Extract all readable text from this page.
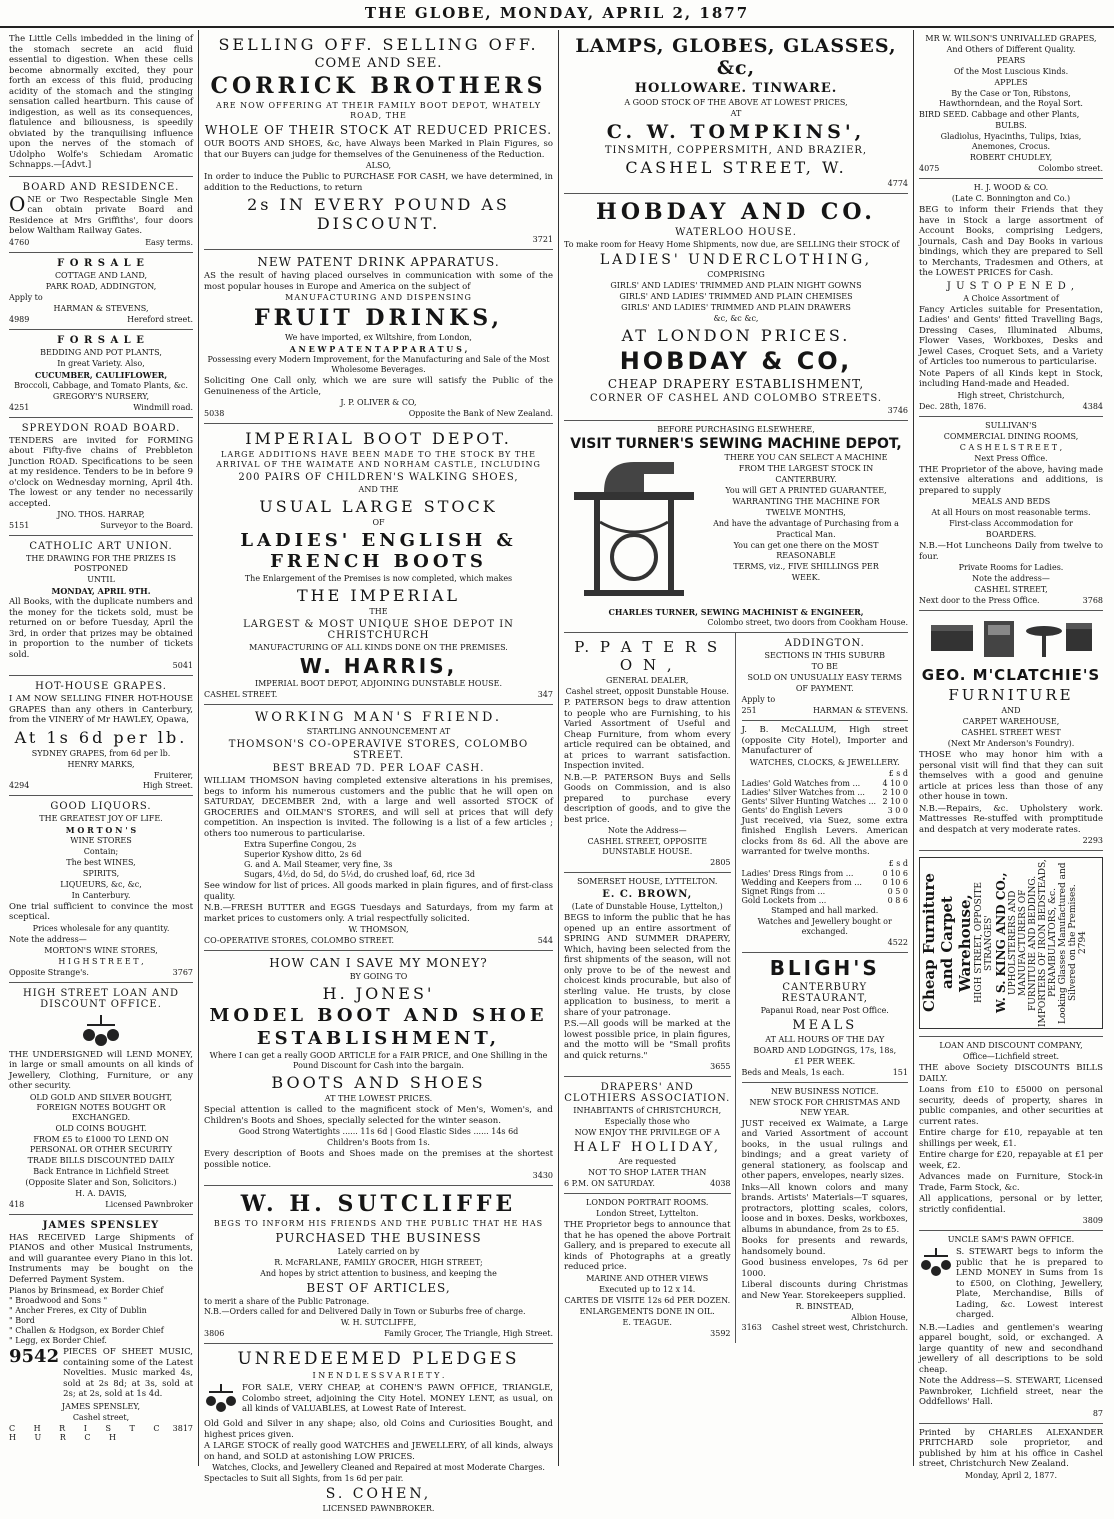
THE GLOBE, MONDAY, APRIL 2, 1877

The Little Cells imbedded in the lining of the stomach secrete an acid fluid essential to digestion. When these cells become abnormally excited, they pour forth an excess of this fluid, producing acidity of the stomach and the stinging sensation called heartburn. This cause of indigestion, as well as its consequences, flatulence and biliousness, is speedily obviated by the tranquilising influence upon the nerves of the stomach of Udolpho Wolfe's Schiedam Aromatic Schnapps.—[Advt.]

BOARD AND RESIDENCE.

ONE or Two Respectable Single Men can obtain private Board and Residence at Mrs Griffiths', four doors below Waltham Railway Gates.

4760	Easy terms.
F O R S A L E
COTTAGE AND LAND,
PARK ROAD, ADDINGTON,
Apply to
HARMAN & STEVENS,
4989	Hereford street.
F O R S A L E
BEDDING AND POT PLANTS,
In great Variety. Also,
CUCUMBER, CAULIFLOWER,
Broccoli, Cabbage, and Tomato Plants, &c.
GREGORY'S NURSERY,
4251	Windmill road.
SPREYDON ROAD BOARD.

TENDERS are invited for FORMING about Fifty-five chains of Prebbleton Junction ROAD. Specifications to be seen at my residence. Tenders to be in before 9 o'clock on Wednesday morning, April 4th. The lowest or any tender no necessarily accepted.

JNO. THOS. HARRAP,
5151	Surveyor to the Board.
CATHOLIC ART UNION.
THE DRAWING FOR THE PRIZES IS POSTPONED
UNTIL
MONDAY, APRIL 9TH.

All Books, with the duplicate numbers and the money for the tickets sold, must be returned on or before Tuesday, April the 3rd, in order that prizes may be obtained in proportion to the number of tickets sold.

5041
HOT-HOUSE GRAPES.

I AM NOW SELLING FINER HOT-HOUSE GRAPES than any others in Canterbury, from the VINERY of Mr HAWLEY, Opawa,

At 1s 6d per lb.
SYDNEY GRAPES, from 6d per lb.
HENRY MARKS,
Fruiterer,
4294	High Street.
GOOD LIQUORS.
THE GREATEST JOY OF LIFE.
M O R T O N ' S
WINE STORES
Contain;
The best WINES,
SPIRITS,
LIQUEURS, &c, &c,
In Canterbury.
One trial sufficient to convince the most sceptical.
Prices wholesale for any quantity.
Note the address—
MORTON'S WINE STORES,
H I G H S T R E E T ,
Opposite Strange's.	3767
HIGH STREET LOAN AND DISCOUNT OFFICE.

THE UNDERSIGNED will LEND MONEY, in large or small amounts on all kinds of Jewellery, Clothing, Furniture, or any other security.

OLD GOLD AND SILVER BOUGHT, FOREIGN NOTES BOUGHT OR EXCHANGED.
OLD COINS BOUGHT.
FROM £5 to £1000 TO LEND ON PERSONAL OR OTHER SECURITY
TRADE BILLS DISCOUNTED DAILY
Back Entrance in Lichfield Street
(Opposite Slater and Son, Solicitors.)
H. A. DAVIS,
418	Licensed Pawnbroker
JAMES SPENSLEY

HAS RECEIVED Large Shipments of PIANOS and other Musical Instruments, and will guarantee every Piano in this lot. Instruments may be bought on the Deferred Payment System.

Pianos by Brinsmead, ex Border Chief
" Broadwood and Sons "
" Ancher Freres, ex City of Dublin
" Bord
" Challen & Hodgson, ex Border Chief
" Legg, ex Border Chief.
9542 PIECES OF SHEET MUSIC, containing some of the Latest Novelties. Music marked 4s, sold at 2s 8d; at 3s, sold at 2s; at 2s, sold at 1s 4d.
JAMES SPENSLEY,
Cashel street,
C H R I S T C H U R C H
3817
SELLING OFF. SELLING OFF.
COME AND SEE.
CORRICK BROTHERS
ARE NOW OFFERING AT THEIR FAMILY BOOT DEPOT, WHATELY ROAD, THE
WHOLE OF THEIR STOCK AT REDUCED PRICES.

OUR BOOTS AND SHOES, &c, have Always been Marked in Plain Figures, so that our Buyers can judge for themselves of the Genuineness of the Reduction.

ALSO,

In order to induce the Public to PURCHASE FOR CASH, we have determined, in addition to the Reductions, to return

2s IN EVERY POUND AS DISCOUNT.
3721
NEW PATENT DRINK APPARATUS.

AS the result of having placed ourselves in communication with some of the most popular houses in Europe and America on the subject of

MANUFACTURING AND DISPENSING
FRUIT DRINKS,
We have imported, ex Wiltshire, from London,
A N E W P A T E N T A P P A R A T U S ,
Possessing every Modern Improvement, for the Manufacturing and Sale of the Most Wholesome Beverages.

Soliciting One Call only, which we are sure will satisfy the Public of the Genuineness of the Article,

J. P. OLIVER & CO,
5038	Opposite the Bank of New Zealand.
IMPERIAL BOOT DEPOT.
LARGE ADDITIONS HAVE BEEN MADE TO THE STOCK BY THE ARRIVAL OF THE WAIMATE AND NORHAM CASTLE, INCLUDING
200 PAIRS OF CHILDREN'S WALKING SHOES,
AND THE
USUAL LARGE STOCK
OF
LADIES' ENGLISH & FRENCH BOOTS
The Enlargement of the Premises is now completed, which makes
THE IMPERIAL
THE
LARGEST & MOST UNIQUE SHOE DEPOT IN CHRISTCHURCH
MANUFACTURING OF ALL KINDS DONE ON THE PREMISES.
W. HARRIS,
IMPERIAL BOOT DEPOT, ADJOINING DUNSTABLE HOUSE.
CASHEL STREET.	347
WORKING MAN'S FRIEND.
STARTLING ANNOUNCEMENT AT
THOMSON'S CO-OPERAVIVE STORES, COLOMBO STREET.
BEST BREAD 7D. PER LOAF CASH.

WILLIAM THOMSON having completed extensive alterations in his premises, begs to inform his numerous customers and the public that he will open on SATURDAY, DECEMBER 2nd, with a large and well assorted STOCK of GROCERIES and OILMAN'S STORES, and will sell at prices that will defy competition. An inspection is invited. The following is a list of a few articles ; others too numerous to particularise.

Extra Superfine Congou, 2s
Superior Kyshow ditto, 2s 6d
G. and A. Mail Steamer, very fine, 3s
Sugars, 4½d, do 5d, do 5½d, do crushed loaf, 6d, rice 3d

See window for list of prices. All goods marked in plain figures, and of first-class quality.

N.B.—FRESH BUTTER and EGGS Tuesdays and Saturdays, from my farm at market prices to customers only. A trial respectfully solicited.

W. THOMSON,
CO-OPERATIVE STORES, COLOMBO STREET.	544
HOW CAN I SAVE MY MONEY?
BY GOING TO
H. JONES'
MODEL BOOT AND SHOE
ESTABLISHMENT,
Where I can get a really GOOD ARTICLE for a FAIR PRICE, and One Shilling in the Pound Discount for Cash into the bargain.
BOOTS AND SHOES
AT THE LOWEST PRICES.

Special attention is called to the magnificent stock of Men's, Women's, and Children's Boots and Shoes, specially selected for the winter season.

Good Strong Watertights ...... 11s 6d | Good Elastic Sides ...... 14s 6d
Children's Boots from 1s.

Every description of Boots and Shoes made on the premises at the shortest possible notice.

3430
W. H. SUTCLIFFE
BEGS TO INFORM HIS FRIENDS AND THE PUBLIC THAT HE HAS
PURCHASED THE BUSINESS
Lately carried on by
R. McFARLANE, FAMILY GROCER, HIGH STREET;
And hopes by strict attention to business, and keeping the
BEST OF ARTICLES,
to merit a share of the Public Patronage.
N.B.—Orders called for and Delivered Daily in Town or Suburbs free of charge.
W. H. SUTCLIFFE,
3806	Family Grocer, The Triangle, High Street.
UNREDEEMED PLEDGES
I N E N D L E S S V A R I E T Y .
FOR SALE, VERY CHEAP, at COHEN'S PAWN OFFICE, TRIANGLE, Colombo street, adjoining the City Hotel. MONEY LENT, as usual, on all kinds of VALUABLES, at Lowest Rate of Interest.

Old Gold and Silver in any shape; also, old Coins and Curiosities Bought, and highest prices given.

A LARGE STOCK of really good WATCHES and JEWELLERY, of all kinds, always on hand, and SOLD at astonishing LOW PRICES.

Watches, Clocks, and Jewellery Cleaned and Repaired at most Moderate Charges.
Spectacles to Suit all Sights, from 1s 6d per pair.
S. COHEN,
LICENSED PAWNBROKER.
LAMPS, GLOBES, GLASSES, &c,
HOLLOWARE. TINWARE.
A GOOD STOCK OF THE ABOVE AT LOWEST PRICES,
AT
C. W. TOMPKINS',
TINSMITH, COPPERSMITH, AND BRAZIER,
CASHEL STREET, W.
4774
HOBDAY AND CO.
WATERLOO HOUSE.
To make room for Heavy Home Shipments, now due, are SELLING their STOCK of
LADIES' UNDERCLOTHING,
COMPRISING
GIRLS' AND LADIES' TRIMMED AND PLAIN NIGHT GOWNS
GIRLS' AND LADIES' TRIMMED AND PLAIN CHEMISES
GIRLS' AND LADIES' TRIMMED AND PLAIN DRAWERS
&c, &c &c,
AT LONDON PRICES.
HOBDAY & CO,
CHEAP DRAPERY ESTABLISHMENT,
CORNER OF CASHEL AND COLOMBO STREETS.
3746
BEFORE PURCHASING ELSEWHERE,
VISIT TURNER'S SEWING MACHINE DEPOT,
THERE YOU CAN SELECT A MACHINE
FROM THE LARGEST STOCK IN
CANTERBURY.
You will GET A PRINTED GUARANTEE,
WARRANTING THE MACHINE FOR
TWELVE MONTHS,
And have the advantage of Purchasing from a
Practical Man.
You can get one there on the MOST REASONABLE
TERMS, viz., FIVE SHILLINGS PER
WEEK.
CHARLES TURNER, SEWING MACHINIST & ENGINEER,
Colombo street, two doors from Cookham House.
P. P A T E R S O N ,
GENERAL DEALER,
Cashel street, opposit Dunstable House.

P. PATERSON begs to draw attention to people who are Furnishing, to his Varied Assortment of Useful and Cheap Furniture, from whom every article required can be obtained, and at prices to warrant satisfaction. Inspection invited.

N.B.—P. PATERSON Buys and Sells Goods on Commission, and is also prepared to purchase every description of goods, and to give the best price.

Note the Address—
CASHEL STREET, OPPOSITE DUNSTABLE HOUSE.
2805
SOMERSET HOUSE, LYTTELTON.
E. C. BROWN,
(Late of Dunstable House, Lyttelton,)

BEGS to inform the public that he has opened up an entire assortment of SPRING AND SUMMER DRAPERY, Which, having been selected from the first shipments of the season, will not only prove to be of the newest and choicest kinds procurable, but also of sterling value. He trusts, by close application to business, to merit a share of your patronage.

P.S.—All goods will be marked at the lowest possible price, in plain figures, and the motto will be "Small profits and quick returns."

3655
DRAPERS' AND CLOTHIERS ASSOCIATION.
INHABITANTS of CHRISTCHURCH,
Especially those who
NOW ENJOY THE PRIVILEGE OF A
HALF HOLIDAY,
Are requested
NOT TO SHOP LATER THAN
6 P.M. ON SATURDAY.	4038
LONDON PORTRAIT ROOMS.
London Street, Lyttelton.

THE Proprietor begs to announce that that he has opened the above Portrait Gallery, and is prepared to execute all kinds of Photographs at a greatly reduced price.

MARINE AND OTHER VIEWS
Executed up to 12 x 14.
CARTES DE VISITE 12s 6d PER DOZEN.
ENLARGEMENTS DONE IN OIL.
E. TEAGUE.
3592
ADDINGTON.
SECTIONS IN THIS SUBURB
TO BE
SOLD ON UNUSUALLY EASY TERMS
OF PAYMENT.
Apply to
251	HARMAN & STEVENS.

J. B. McCALLUM, High street (opposite City Hotel), Importer and Manufacturer of

WATCHES, CLOCKS, & JEWELLERY.
£ s d
Ladies' Gold Watches from ...	4 10 0
Ladies' Silver Watches from ... 2 10 0
Gents' Silver Hunting Watches ... 2 10 0
Gents' do English Levers	3 0 0

Just received, via Suez, some extra finished English Levers. American clocks from 8s 6d. All the above are warranted for twelve months.

£ s d
Ladies' Dress Rings from ...	0 10 6
Wedding and Keepers from ...	0 10 6
Signet Rings from ...	0 5 0
Gold Lockets from ...	0 8 6
Stamped and hall marked.
Watches and Jewellery bought or exchanged.
4522
BLIGH'S
CANTERBURY RESTAURANT,
Papanui Road, near Post Office.
MEALS
AT ALL HOURS OF THE DAY
BOARD AND LODGINGS, 17s, 18s,
£1 PER WEEK.
Beds and Meals, 1s each.	151
NEW BUSINESS NOTICE.
NEW STOCK FOR CHRISTMAS AND NEW YEAR.

JUST received ex Waimate, a Large and Varied Assortment of account books, in the usual rulings and bindings; and a great variety of general stationery, as foolscap and other papers, envelopes, nearly sizes.

Inks—All known colors and many brands. Artists' Materials—T squares, protractors, plotting scales, colors, loose and in boxes. Desks, workboxes, albums in abundance, from 2s to £5.

Books for presents and rewards, handsomely bound.

Good business envelopes, 7s 6d per 1000.

Liberal discounts during Christmas and New Year. Storekeepers supplied.

R. BINSTEAD,
Albion House,
3163 Cashel street west, Christchurch.
MR W. WILSON'S UNRIVALLED GRAPES,
And Others of Different Quality.
PEARS
Of the Most Luscious Kinds.
APPLES
By the Case or Ton, Ribstons, Hawthorndean, and the Royal Sort.
BIRD SEED. Cabbage and other Plants,
BULBS.
Gladiolus, Hyacinths, Tulips, Ixias, Anemones, Crocus.
ROBERT CHUDLEY,
4075	Colombo street.
H. J. WOOD & CO.
(Late C. Bonnington and Co.)

BEG to inform their Friends that they have in Stock a large assortment of Account Books, comprising Ledgers, Journals, Cash and Day Books in various bindings, which they are prepared to Sell to Merchants, Tradesmen and Others, at the LOWEST PRICES for Cash.

J U S T O P E N E D ,
A Choice Assortment of

Fancy Articles suitable for Presentation, Ladies' and Gents' fitted Travelling Bags, Dressing Cases, Illuminated Albums, Flower Vases, Workboxes, Desks and Jewel Cases, Croquet Sets, and a Variety of Articles too numerous to particularise.

Note Papers of all Kinds kept in Stock, including Hand-made and Headed.

High street, Christchurch,
Dec. 28th, 1876.	4384
SULLIVAN'S
COMMERCIAL DINING ROOMS,
C A S H E L S T R E E T ,
Next Press Office.

THE Proprietor of the above, having made extensive alterations and additions, is prepared to supply

MEALS AND BEDS
At all Hours on most reasonable terms.
First-class Accommodation for
BOARDERS.

N.B.—Hot Luncheons Daily from twelve to four.

Private Rooms for Ladies.
Note the address—
CASHEL STREET,
Next door to the Press Office.	3768
GEO. M'CLATCHIE'S
FURNITURE
AND
CARPET WAREHOUSE,
CASHEL STREET WEST
(Next Mr Anderson's Foundry).

THOSE who may honor him with a personal visit will find that they can suit themselves with a good and genuine article at prices less than those of any other house in town.

N.B.—Repairs, &c. Upholstery work. Mattresses Re-stuffed with promptitude and despatch at very moderate rates.

2293
Cheap Furniture and Carpet Warehouse, HIGH STREET, OPPOSITE STRANGES' W. S. KING AND CO., UPHOLSTERERS AND MANUFACTURERS OF FURNITURE AND BEDDING. IMPORTERS OF IRON BEDSTEADS, PERAMBULATORS, &c. Looking Glasses Manufactured and Silvered on the Premises. 2794
LOAN AND DISCOUNT COMPANY,
Office—Lichfield street.

THE above Society DISCOUNTS BILLS DAILY.

Loans from £10 to £5000 on personal security, deeds of property, shares in public companies, and other securities at current rates.

Entire charge for £10, repayable at ten shillings per week, £1.

Entire charge for £20, repayable at £1 per week, £2.

Advances made on Furniture, Stock-in Trade, Farm Stock, &c.

All applications, personal or by letter, strictly confidential.

3809
UNCLE SAM'S PAWN OFFICE.
S. STEWART begs to inform the public that he is prepared to LEND MONEY in Sums from 1s to £500, on Clothing, Jewellery, Plate, Merchandise, Bills of Lading, &c. Lowest interest charged.

N.B.—Ladies and gentlemen's wearing apparel bought, sold, or exchanged. A large quantity of new and secondhand jewellery of all descriptions to be sold cheap.

Note the Address—S. STEWART, Licensed Pawnbroker, Lichfield street, near the Oddfellows' Hall.

87

Printed by CHARLES ALEXANDER PRITCHARD sole proprietor, and published by him at his office in Cashel street, Christchurch New Zealand.

Monday, April 2, 1877.
